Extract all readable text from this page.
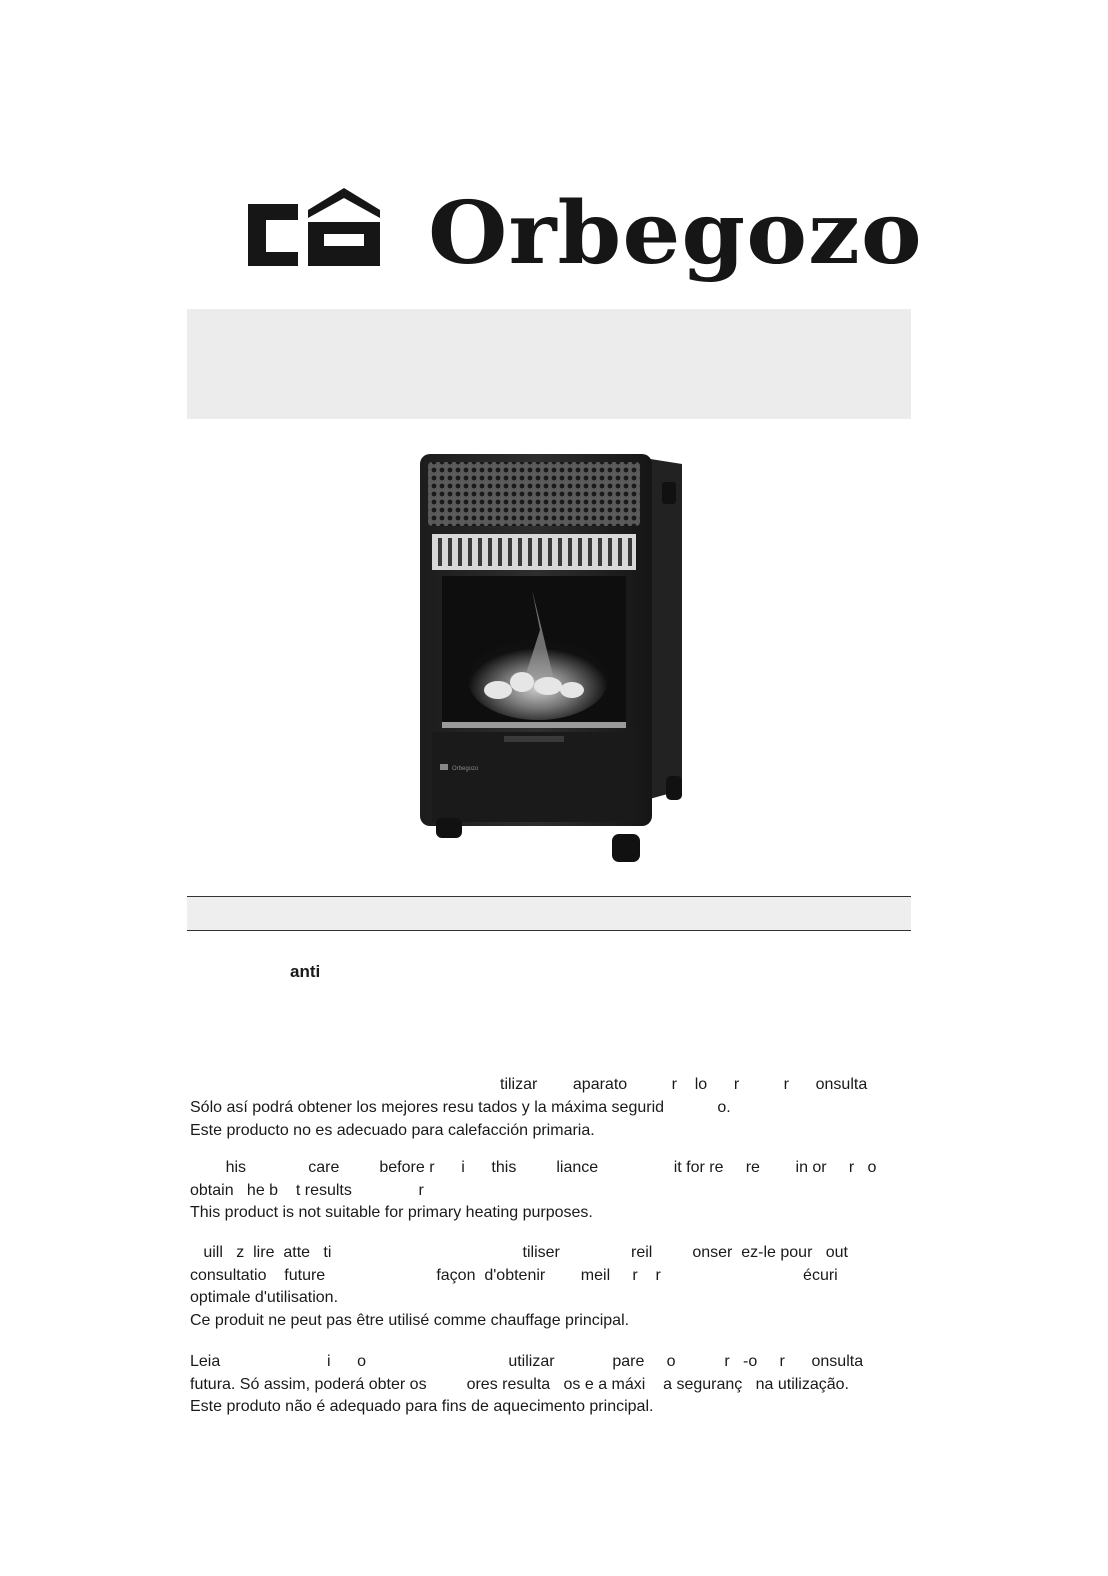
Orbegozo
Orbegozo
anti
tilizar        aparato          r    lo      r          r      onsulta
Sólo así podrá obtener los mejores resu tados y la máxima segurid            o.
Este producto no es adecuado para calefacción primaria.
his              care         before r      i      this         liance                 it for re     re        in or     r   o
obtain   he b    t results               r
This product is not suitable for primary heating purposes.
uill   z  lire  atte   ti                                           tiliser                reil         onser  ez-le pour   out
consultatio    future                         façon  d'obtenir        meil     r    r                                écuri
optimale d'utilisation.
Ce produit ne peut pas être utilisé comme chauffage principal.
Leia                        i      o                                utilizar             pare     o           r   -o     r      onsulta
futura. Só assim, poderá obter os         ores resulta   os e a máxi    a seguranç   na utilização.
Este produto não é adequado para fins de aquecimento principal.
